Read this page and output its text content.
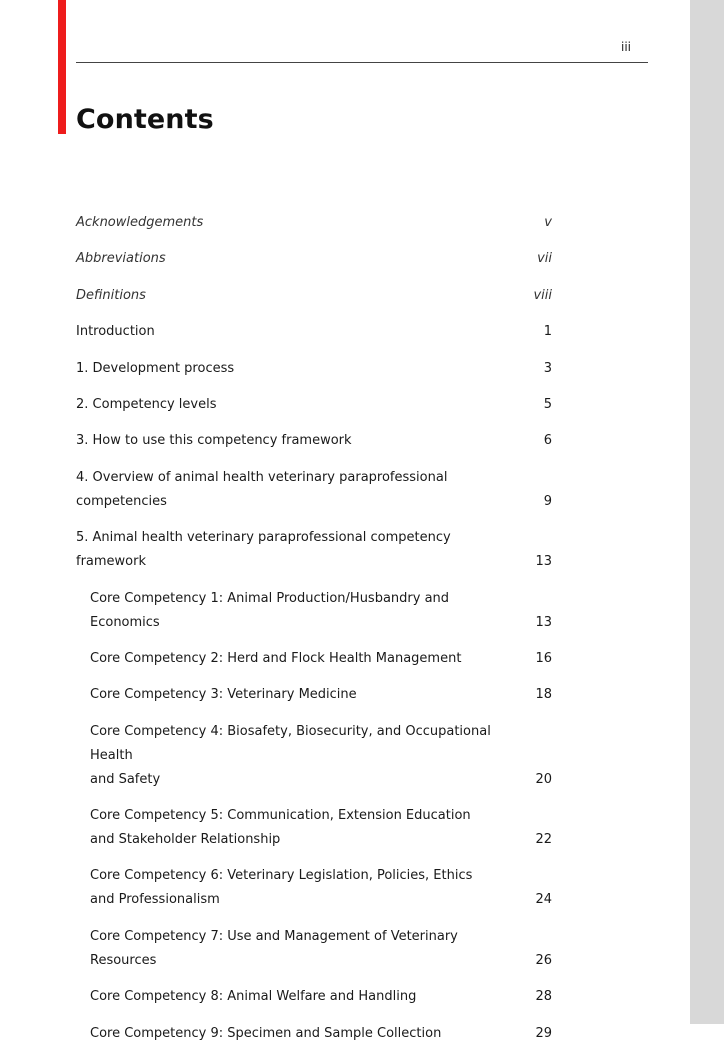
iii
Contents
Acknowledgements	v
Abbreviations	vii
Definitions	viii
Introduction	1
1. Development process	3
2. Competency levels	5
3. How to use this competency framework	6
4. Overview of animal health veterinary paraprofessional competencies	9
5. Animal health veterinary paraprofessional competency framework	13
Core Competency 1: Animal Production/Husbandry and Economics	13
Core Competency 2: Herd and Flock Health Management	16
Core Competency 3: Veterinary Medicine	18
Core Competency 4: Biosafety, Biosecurity, and Occupational Health
and Safety	20
Core Competency 5: Communication, Extension Education
and Stakeholder Relationship	22
Core Competency 6: Veterinary Legislation, Policies, Ethics
and Professionalism	24
Core Competency 7: Use and Management of Veterinary Resources	26
Core Competency 8: Animal Welfare and Handling	28
Core Competency 9: Specimen and Sample Collection	29
